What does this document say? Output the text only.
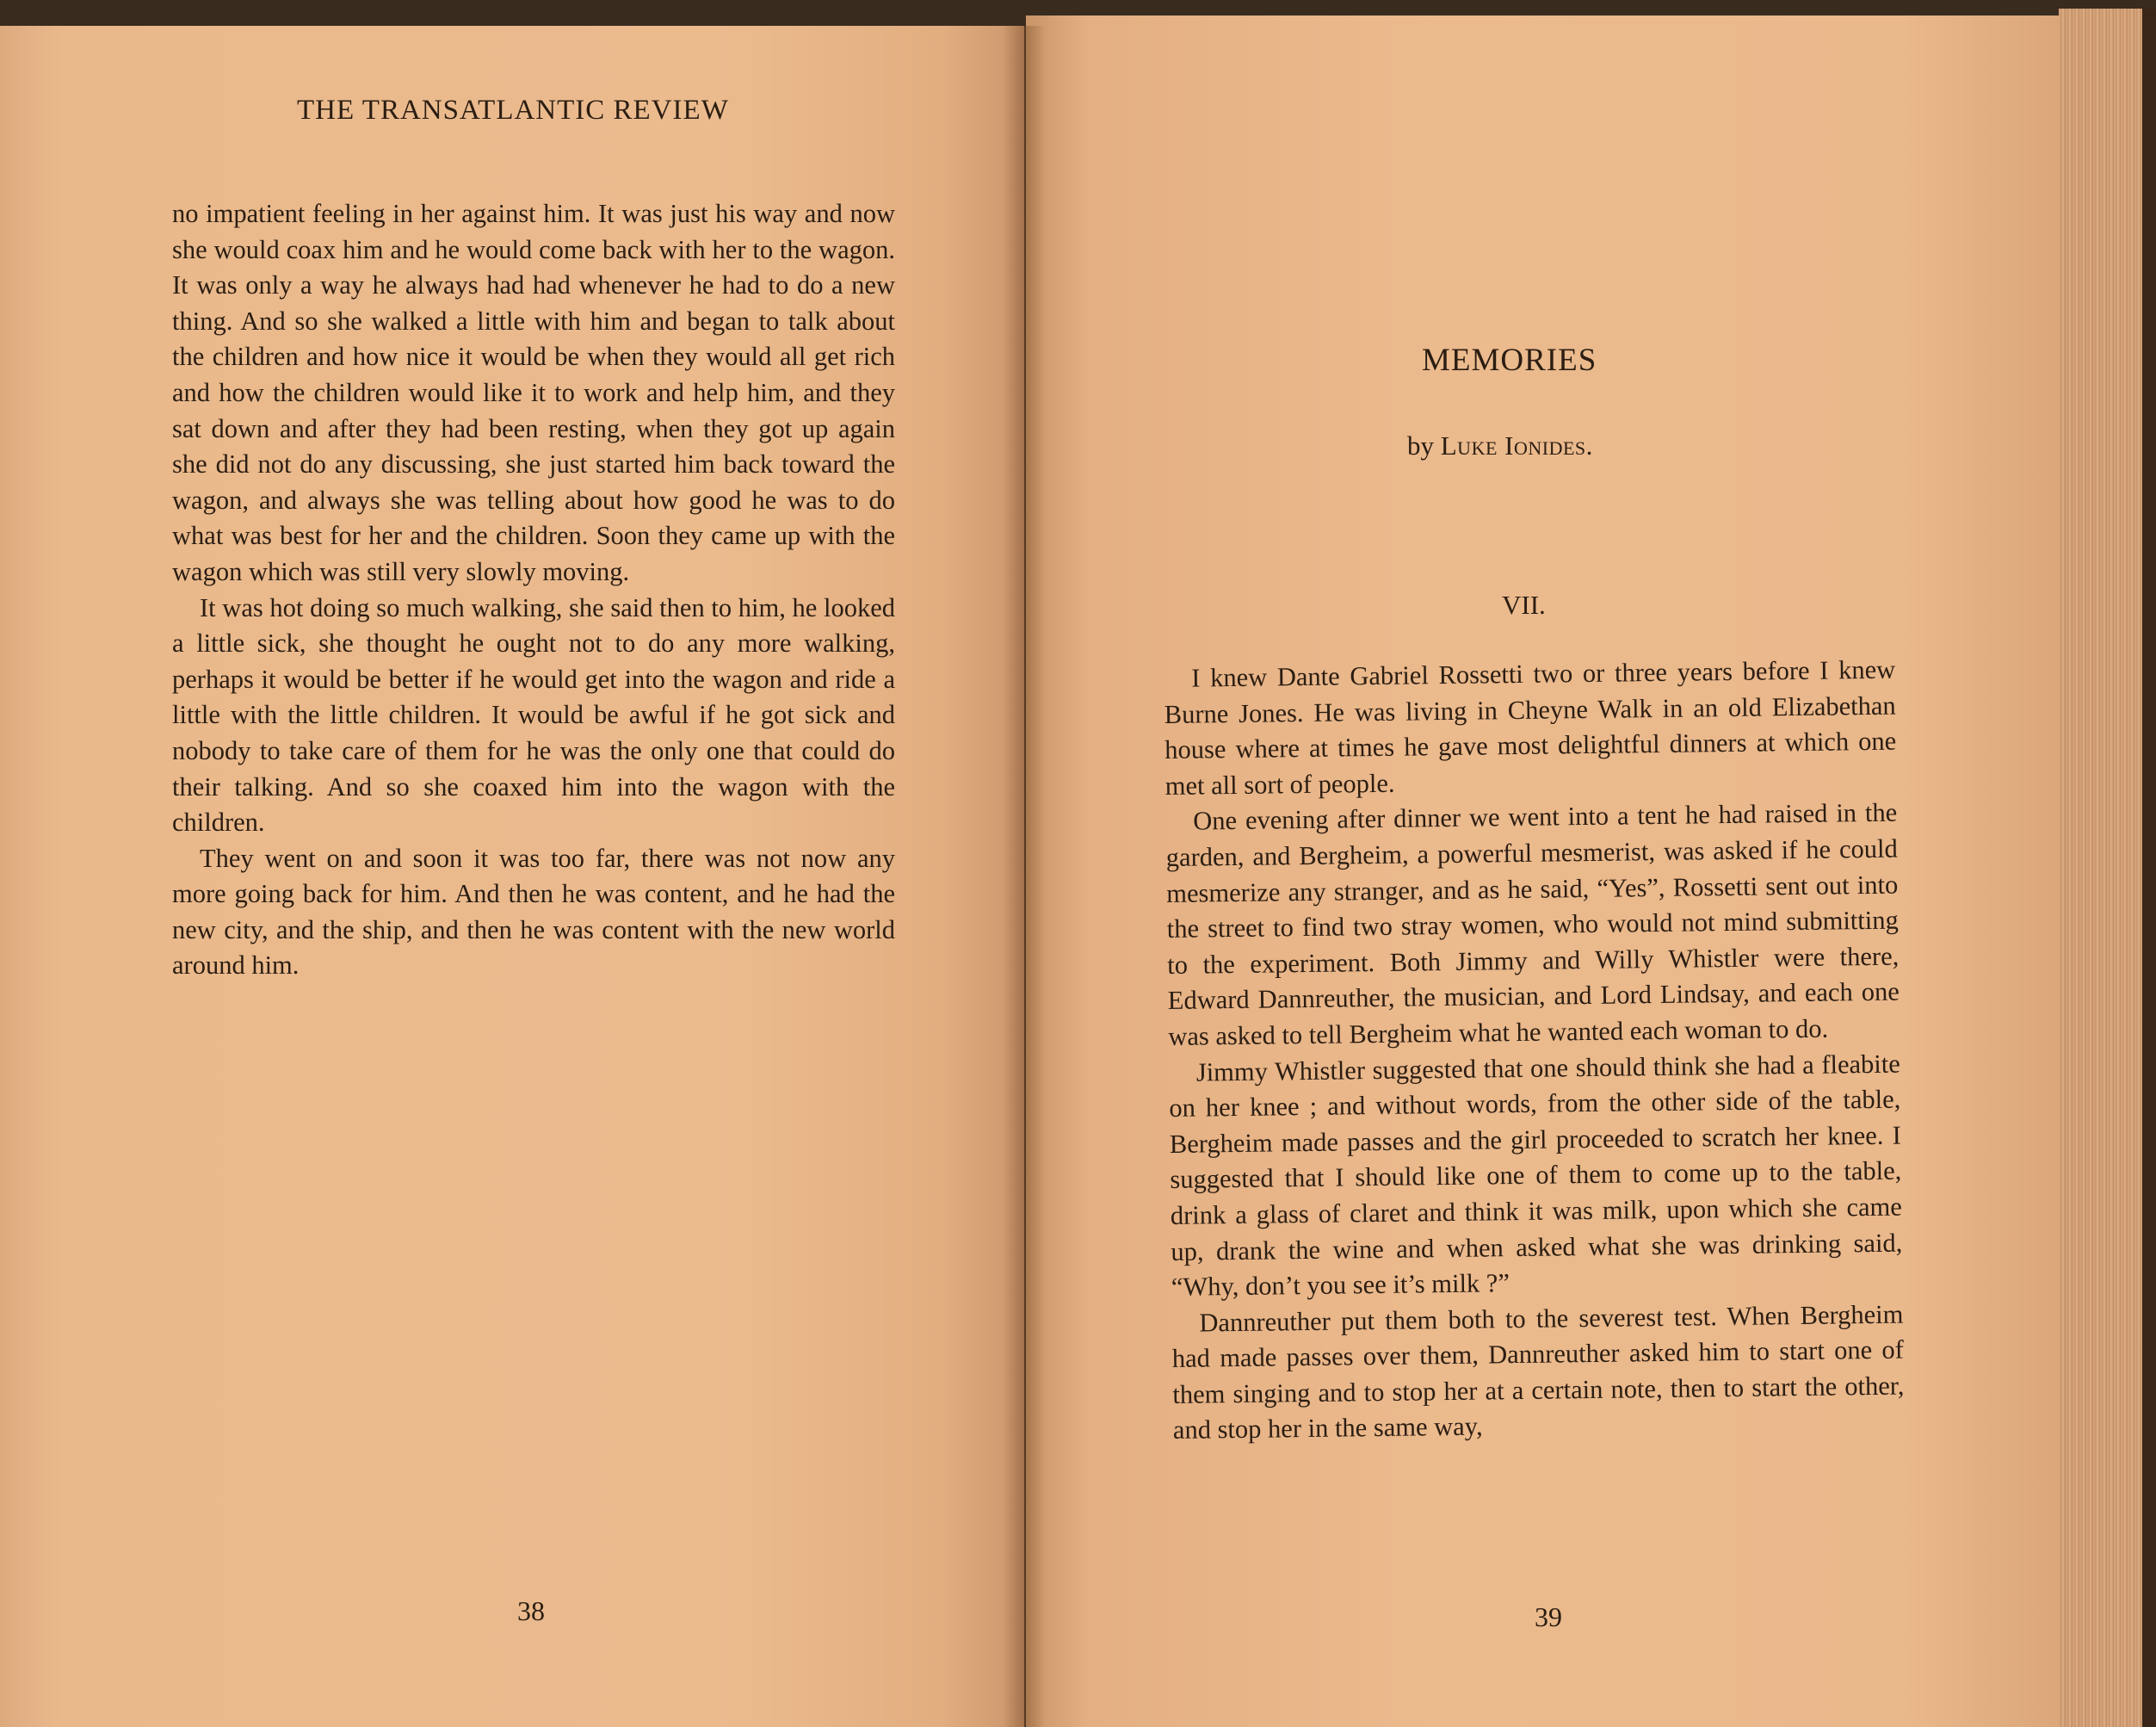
THE TRANSATLANTIC REVIEW

no impatient feeling in her against him. It was just his way and now she would coax him and he would come back with her to the wagon. It was only a way he always had had whenever he had to do a new thing. And so she walked a little with him and began to talk about the children and how nice it would be when they would all get rich and how the children would like it to work and help him, and they sat down and after they had been resting, when they got up again she did not do any discussing, she just started him back toward the wagon, and always she was telling about how good he was to do what was best for her and the children. Soon they came up with the wagon which was still very slowly moving.

It was hot doing so much walking, she said then to him, he looked a little sick, she thought he ought not to do any more walking, perhaps it would be better if he would get into the wagon and ride a little with the little children. It would be awful if he got sick and nobody to take care of them for he was the only one that could do their talking. And so she coaxed him into the wagon with the children.

They went on and soon it was too far, there was not now any more going back for him. And then he was content, and he had the new city, and the ship, and then he was content with the new world around him.

38
MEMORIES
by Luke Ionides.
VII.

I knew Dante Gabriel Rossetti two or three years before I knew Burne Jones. He was living in Cheyne Walk in an old Elizabethan house where at times he gave most delightful dinners at which one met all sort of people.

One evening after dinner we went into a tent he had raised in the garden, and Bergheim, a powerful mesmerist, was asked if he could mesmerize any stranger, and as he said, “Yes”, Rossetti sent out into the street to find two stray women, who would not mind submitting to the experiment. Both Jimmy and Willy Whistler were there, Edward Dannreuther, the musician, and Lord Lindsay, and each one was asked to tell Bergheim what he wanted each woman to do.

Jimmy Whistler suggested that one should think she had a fleabite on her knee ; and without words, from the other side of the table, Bergheim made passes and the girl proceeded to scratch her knee. I suggested that I should like one of them to come up to the table, drink a glass of claret and think it was milk, upon which she came up, drank the wine and when asked what she was drinking said, “Why, don’t you see it’s milk ?”

Dannreuther put them both to the severest test. When Bergheim had made passes over them, Dannreuther asked him to start one of them singing and to stop her at a certain note, then to start the other, and stop her in the same way,

39
